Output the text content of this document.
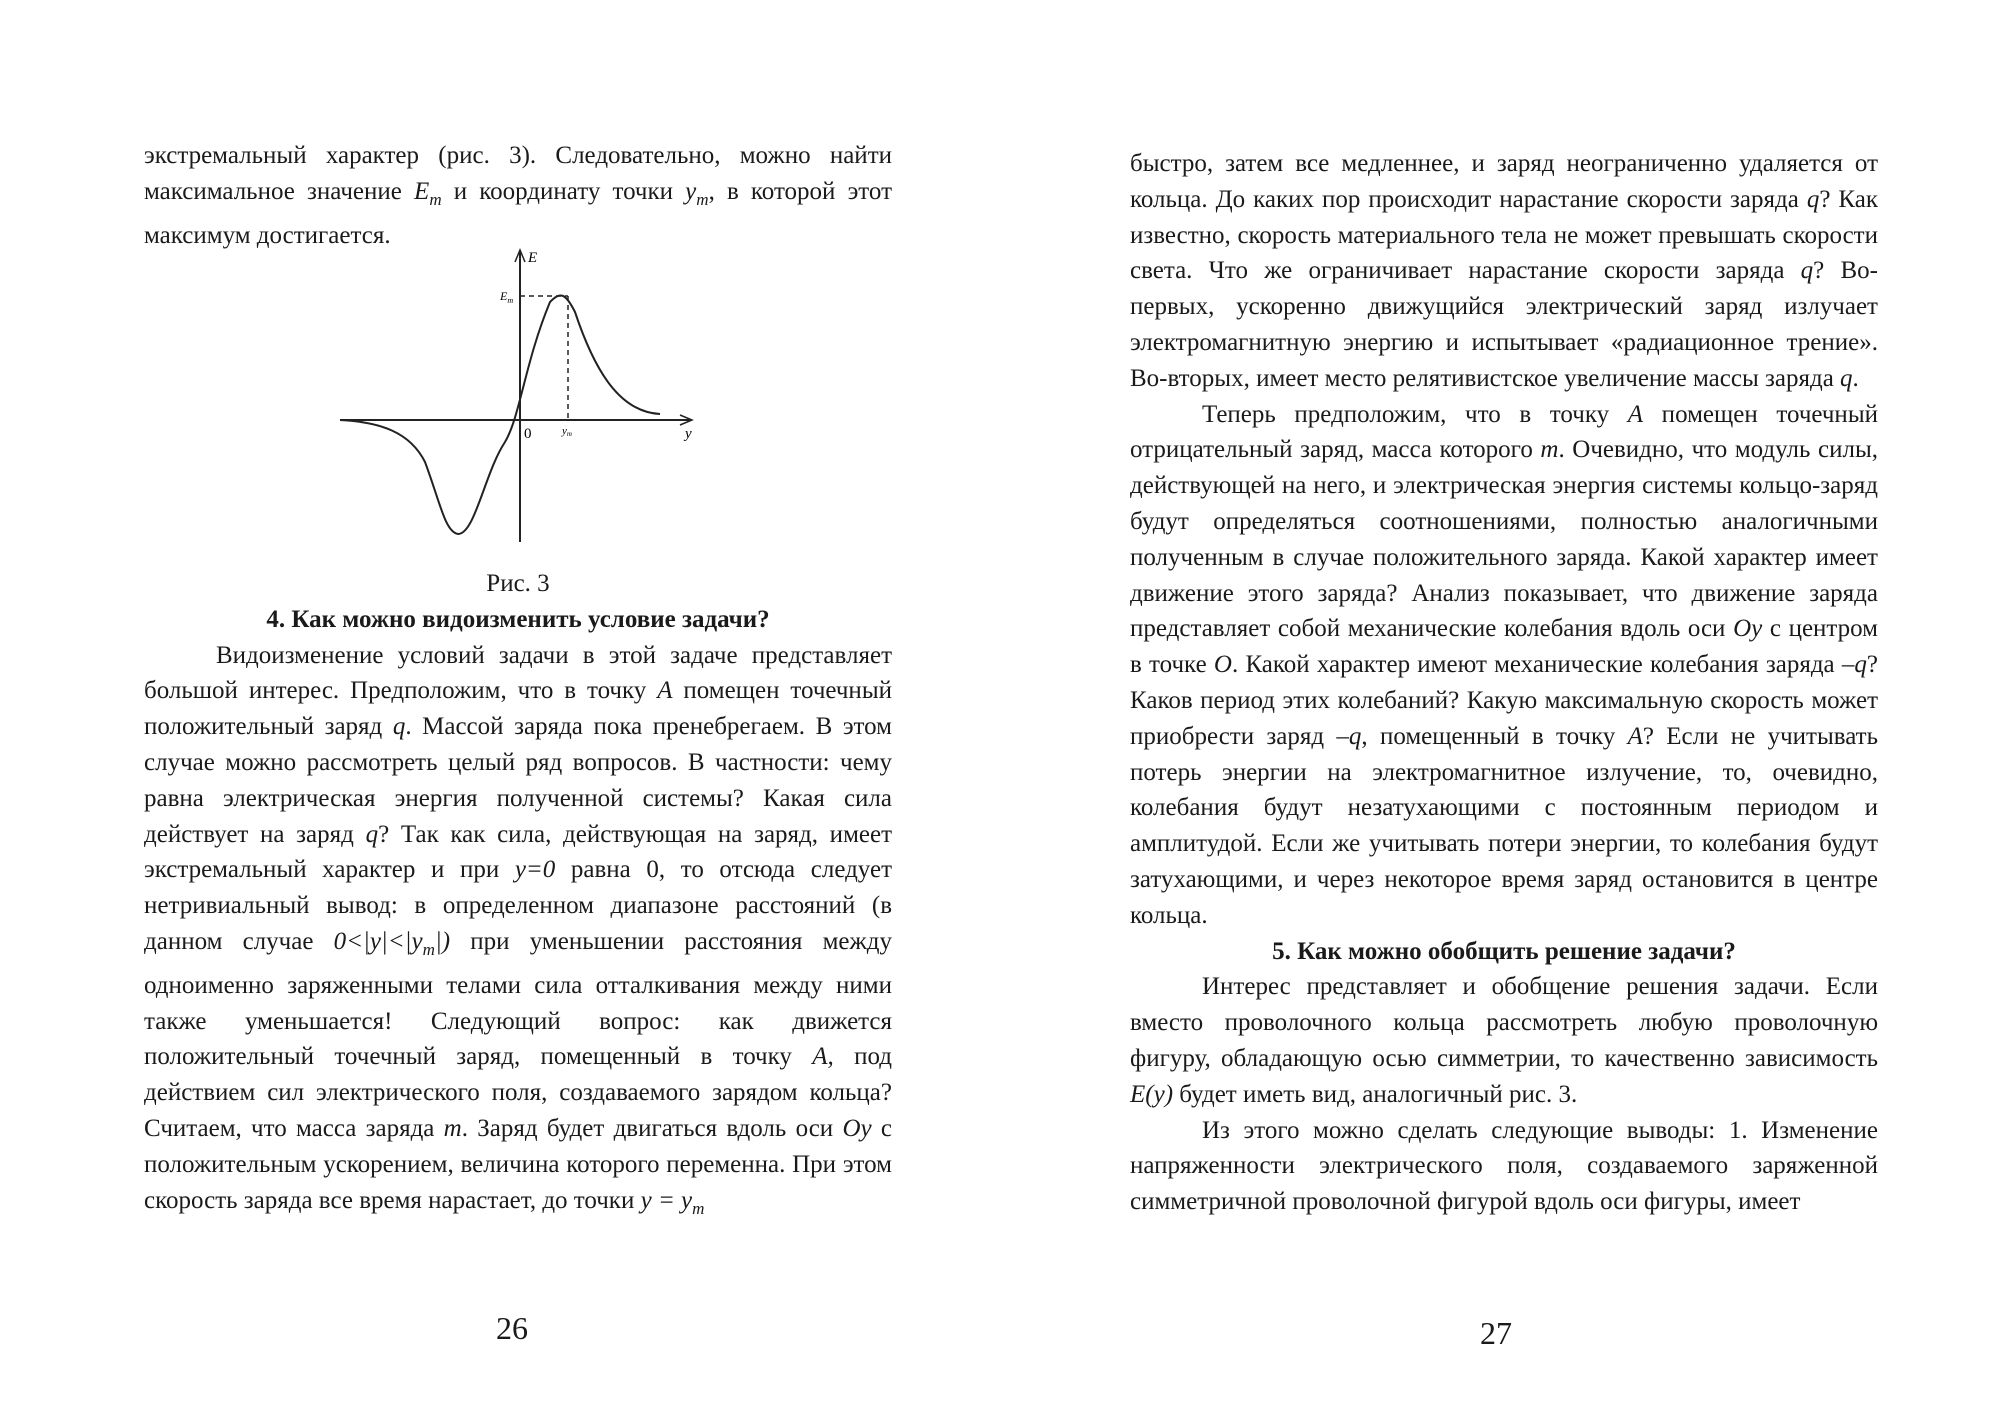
экстремальный характер (рис. 3). Следовательно, можно найти максимальное значение $E_m$ и координату точки $y_m$, в которой этот максимум достигается.

E
y
0
$E_m$
ym

Рис. 3

4. Как можно видоизменить условие задачи?

Видоизменение условий задачи в этой задаче представляет большой интерес. Предположим, что в точку A помещен точечный положительный заряд q. Массой заряда пока пренебрегаем. В этом случае можно рассмотреть целый ряд вопросов. В частности: чему равна электрическая энергия полученной системы? Какая сила действует на заряд q? Так как сила, действующая на заряд, имеет экстремальный характер и при y=0 равна 0, то отсюда следует нетривиальный вывод: в определенном диапазоне расстояний (в данном случае $0<|y|<|y_m|$) при уменьшении расстояния между одноименно заряженными телами сила отталкивания между ними также уменьшается! Следующий вопрос: как движется положительный точечный заряд, помещенный в точку A, под действием сил электрического поля, создаваемого зарядом кольца? Считаем, что масса заряда m. Заряд будет двигаться вдоль оси Oy с положительным ускорением, величина которого переменна. При этом скорость заряда все время нарастает, до точки $y = y_m$

26

быстро, затем все медленнее, и заряд неограниченно удаляется от кольца. До каких пор происходит нарастание скорости заряда q? Как известно, скорость материального тела не может превышать скорости света. Что же ограничивает нарастание скорости заряда q? Во-первых, ускоренно движущийся электрический заряд излучает электромагнитную энергию и испытывает «радиационное трение». Во-вторых, имеет место релятивистское увеличение массы заряда q.

Теперь предположим, что в точку A помещен точечный отрицательный заряд, масса которого m. Очевидно, что модуль силы, действующей на него, и электрическая энергия системы кольцо-заряд будут определяться соотношениями, полностью аналогичными полученным в случае положительного заряда. Какой характер имеет движение этого заряда? Анализ показывает, что движение заряда представляет собой механические колебания вдоль оси Oy с центром в точке O. Какой характер имеют механические колебания заряда –q? Каков период этих колебаний? Какую максимальную скорость может приобрести заряд –q, помещенный в точку A? Если не учитывать потерь энергии на электромагнитное излучение, то, очевидно, колебания будут незатухающими с постоянным периодом и амплитудой. Если же учитывать потери энергии, то колебания будут затухающими, и через некоторое время заряд остановится в центре кольца.

5. Как можно обобщить решение задачи?

Интерес представляет и обобщение решения задачи. Если вместо проволочного кольца рассмотреть любую проволочную фигуру, обладающую осью симметрии, то качественно зависимость E(y) будет иметь вид, аналогичный рис. 3.

Из этого можно сделать следующие выводы: 1. Изменение напряженности электрического поля, создаваемого заряженной симметричной проволочной фигурой вдоль оси фигуры, имеет

27
